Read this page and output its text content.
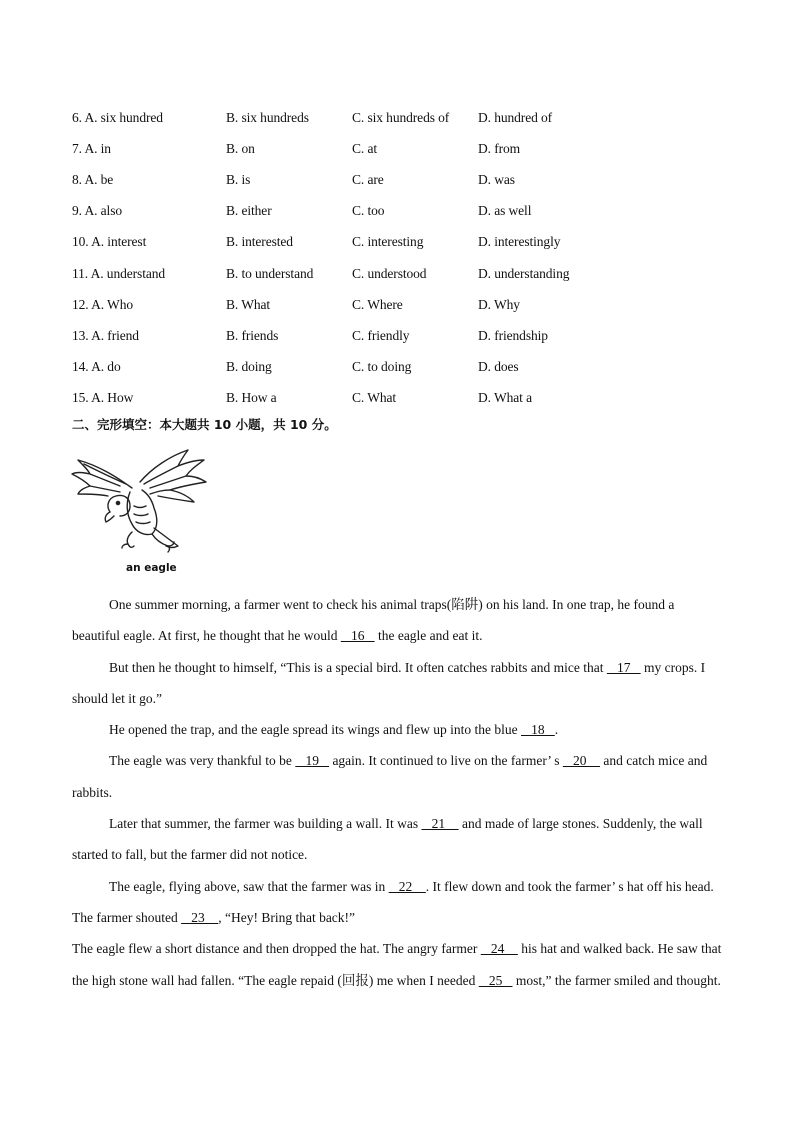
6. A. six hundred	B. six hundreds	C. six hundreds of	D. hundred of
7. A. in	B. on	C. at	D. from
8. A. be	B. is	C. are	D. was
9. A. also	B. either	C. too	D. as well
10. A. interest	B. interested	C. interesting	D. interestingly
11. A. understand	B. to understand	C. understood	D. understanding
12. A. Who	B. What	C. Where	D. Why
13. A. friend	B. friends	C. friendly	D. friendship
14. A. do	B. doing	C. to doing	D. does
15. A. How	B. How a	C. What	D. What a
二、完形填空：本大题共 10 小题，共 10 分。
an eagle

One summer morning, a farmer went to check his animal traps(陷阱) on his land. In one trap, he found a beautiful eagle. At first, he thought that he would    16    the eagle and eat it.

But then he thought to himself, “This is a special bird. It often catches rabbits and mice that    17    my crops. I should let it go.”

He opened the trap, and the eagle spread its wings and flew up into the blue    18   .

The eagle was very thankful to be    19    again. It continued to live on the farmer’ s    20     and catch mice and rabbits.

Later that summer, the farmer was building a wall. It was    21     and made of large stones. Suddenly, the wall started to fall, but the farmer did not notice.

The eagle, flying above, saw that the farmer was in    22    . It flew down and took the farmer’ s hat off his head. The farmer shouted    23    , “Hey! Bring that back!”

The eagle flew a short distance and then dropped the hat. The angry farmer    24     his hat and walked back. He saw that the high stone wall had fallen. “The eagle repaid (回报) me when I needed    25    most,” the farmer smiled and thought.
